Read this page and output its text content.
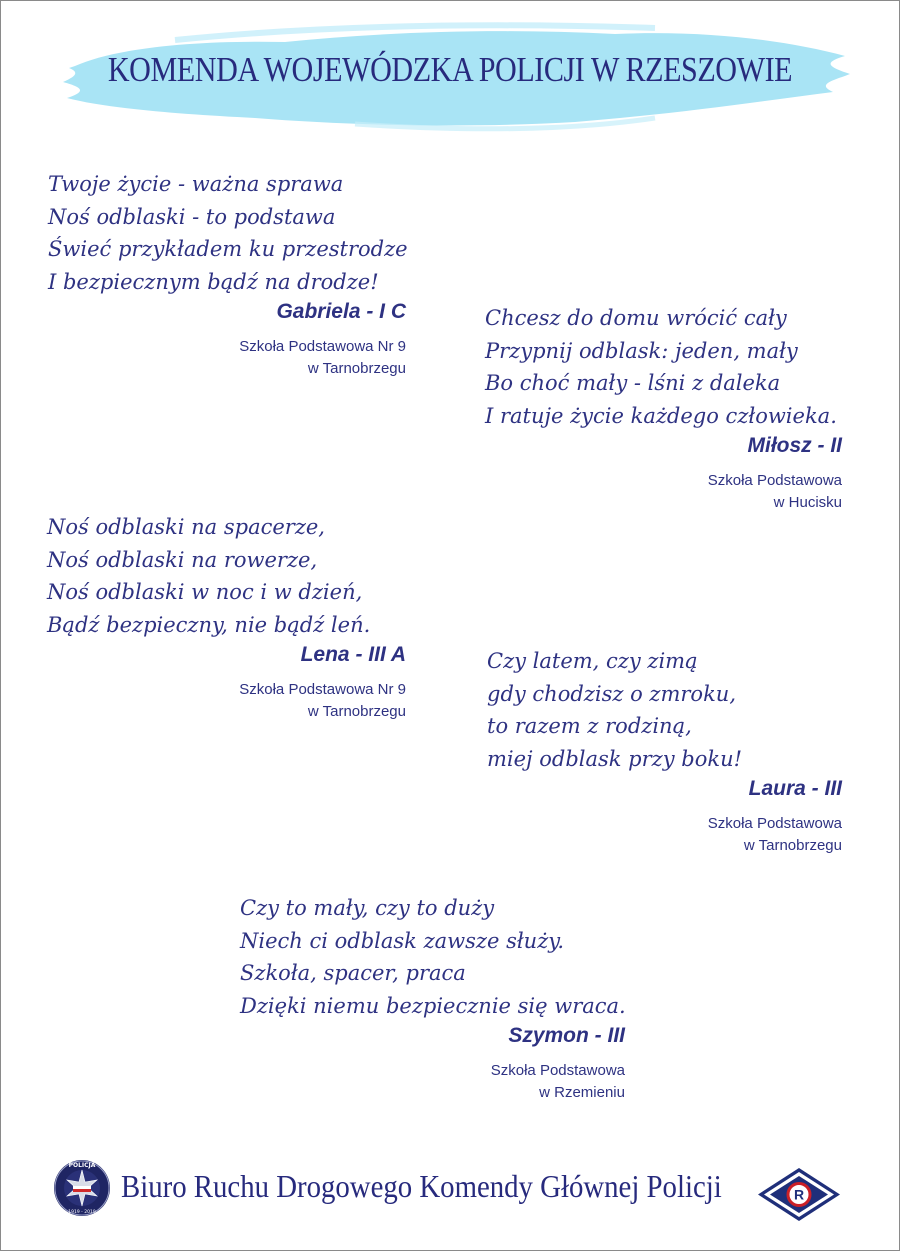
KOMENDA WOJEWÓDZKA POLICJI W RZESZOWIE
Twoje życie - ważna sprawa
Noś odblaski - to podstawa
Świeć przykładem ku przestrodze
I bezpiecznym bądź na drodze!
Gabriela - I C
Szkoła Podstawowa Nr 9
w Tarnobrzegu
Chcesz do domu wrócić cały
Przypnij odblask: jeden, mały
Bo choć mały - lśni z daleka
I ratuje życie każdego człowieka.
Miłosz - II
Szkoła Podstawowa
w Hucisku
Noś odblaski na spacerze,
Noś odblaski na rowerze,
Noś odblaski w noc i w dzień,
Bądź bezpieczny, nie bądź leń.
Lena - III A
Szkoła Podstawowa Nr 9
w Tarnobrzegu
Czy latem, czy zimą
gdy chodzisz o zmroku,
to razem z rodziną,
miej odblask przy boku!
Laura - III
Szkoła Podstawowa
w Tarnobrzegu
Czy to mały, czy to duży
Niech ci odblask zawsze służy.
Szkoła, spacer, praca
Dzięki niemu bezpiecznie się wraca.
Szymon - III
Szkoła Podstawowa
w Rzemieniu
POLICJA
1919 - 2019
Biuro Ruchu Drogowego Komendy Głównej Policji	R
